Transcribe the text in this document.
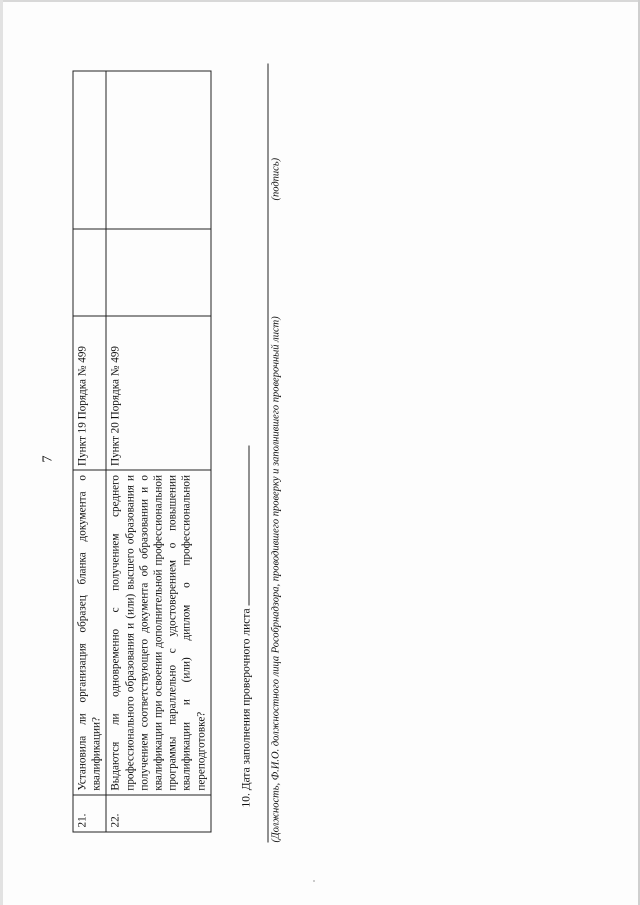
7
21.	Установила ли организация образец бланка документа о квалификации?	Пункт 19 Порядка № 499		
22.	Выдаются ли одновременно с получением среднего профессионального образования и (или) высшего образования и получением соответствующего документа об образовании и о квалификации при освоении дополнительной профессиональной программы параллельно с удостоверением о повышении квалификации и (или) диплом о профессиональной переподготовке?	Пункт 20 Порядка № 499		
10. Дата заполнения проверочного листа (Должность, Ф.И.О. должностного лица Рособрнадзора, проводившего проверку и заполнившего проверочный лист)
(подпись)
